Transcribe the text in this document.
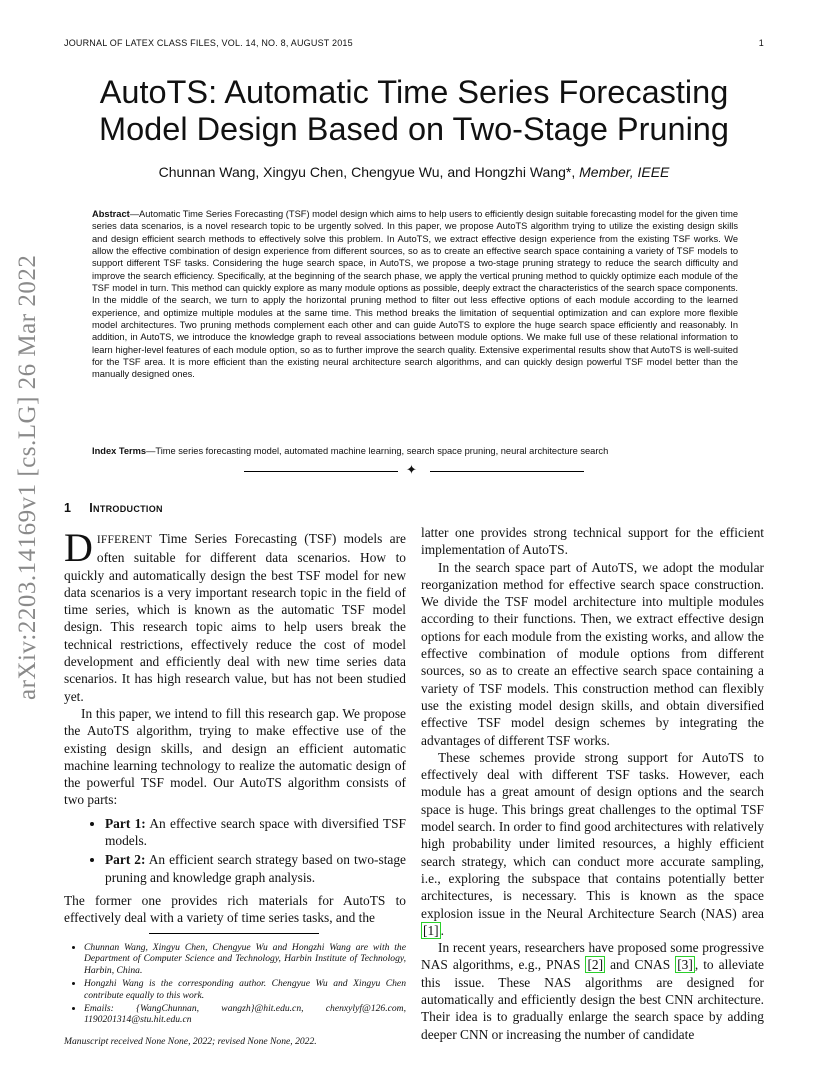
JOURNAL OF LATEX CLASS FILES, VOL. 14, NO. 8, AUGUST 2015	1
AutoTS: Automatic Time Series Forecasting Model Design Based on Two-Stage Pruning
Chunnan Wang, Xingyu Chen, Chengyue Wu, and Hongzhi Wang*, Member, IEEE
Abstract—Automatic Time Series Forecasting (TSF) model design which aims to help users to efficiently design suitable forecasting model for the given time series data scenarios, is a novel research topic to be urgently solved. In this paper, we propose AutoTS algorithm trying to utilize the existing design skills and design efficient search methods to effectively solve this problem. In AutoTS, we extract effective design experience from the existing TSF works. We allow the effective combination of design experience from different sources, so as to create an effective search space containing a variety of TSF models to support different TSF tasks. Considering the huge search space, in AutoTS, we propose a two-stage pruning strategy to reduce the search difficulty and improve the search efficiency. Specifically, at the beginning of the search phase, we apply the vertical pruning method to quickly optimize each module of the TSF model in turn. This method can quickly explore as many module options as possible, deeply extract the characteristics of the search space components. In the middle of the search, we turn to apply the horizontal pruning method to filter out less effective options of each module according to the learned experience, and optimize multiple modules at the same time. This method breaks the limitation of sequential optimization and can explore more flexible model architectures. Two pruning methods complement each other and can guide AutoTS to explore the huge search space efficiently and reasonably. In addition, in AutoTS, we introduce the knowledge graph to reveal associations between module options. We make full use of these relational information to learn higher-level features of each module option, so as to further improve the search quality. Extensive experimental results show that AutoTS is well-suited for the TSF area. It is more efficient than the existing neural architecture search algorithms, and can quickly design powerful TSF model better than the manually designed ones.
Index Terms—Time series forecasting model, automated machine learning, search space pruning, neural architecture search
✦
arXiv:2203.14169v1 [cs.LG] 26 Mar 2022 1 Introduction

DIFFERENT Time Series Forecasting (TSF) models are often suitable for different data scenarios. How to quickly and automatically design the best TSF model for new data scenarios is a very important research topic in the field of time series, which is known as the automatic TSF model design. This research topic aims to help users break the technical restrictions, effectively reduce the cost of model development and efficiently deal with new time series data scenarios. It has high research value, but has not been studied yet.

In this paper, we intend to fill this research gap. We propose the AutoTS algorithm, trying to make effective use of the existing design skills, and design an efficient automatic machine learning technology to realize the automatic design of the powerful TSF model. Our AutoTS algorithm consists of two parts:

• Part 1: An effective search space with diversified TSF models.
• Part 2: An efficient search strategy based on two-stage pruning and knowledge graph analysis.

The former one provides rich materials for AutoTS to effectively deal with a variety of time series tasks, and the

• Chunnan Wang, Xingyu Chen, Chengyue Wu and Hongzhi Wang are with the Department of Computer Science and Technology, Harbin Institute of Technology, Harbin, China.
• Hongzhi Wang is the corresponding author. Chengyue Wu and Xingyu Chen contribute equally to this work.
• Emails: {WangChunnan, wangzh}@hit.edu.cn, chenxylyf@126.com, 1190201314@stu.hit.edu.cn
Manuscript received None None, 2022; revised None None, 2022.

latter one provides strong technical support for the efficient implementation of AutoTS.

In the search space part of AutoTS, we adopt the modular reorganization method for effective search space construction. We divide the TSF model architecture into multiple modules according to their functions. Then, we extract effective design options for each module from the existing works, and allow the effective combination of module options from different sources, so as to create an effective search space containing a variety of TSF models. This construction method can flexibly use the existing model design skills, and obtain diversified effective TSF model design schemes by integrating the advantages of different TSF works.

These schemes provide strong support for AutoTS to effectively deal with different TSF tasks. However, each module has a great amount of design options and the search space is huge. This brings great challenges to the optimal TSF model search. In order to find good architectures with relatively high probability under limited resources, a highly efficient search strategy, which can conduct more accurate sampling, i.e., exploring the subspace that contains potentially better architectures, is necessary. This is known as the space explosion issue in the Neural Architecture Search (NAS) area [1] .

In recent years, researchers have proposed some progressive NAS algorithms, e.g., PNAS [2] and CNAS [3] , to alleviate this issue. These NAS algorithms are designed for automatically and efficiently design the best CNN architecture. Their idea is to gradually enlarge the search space by adding deeper CNN or increasing the number of candidate
